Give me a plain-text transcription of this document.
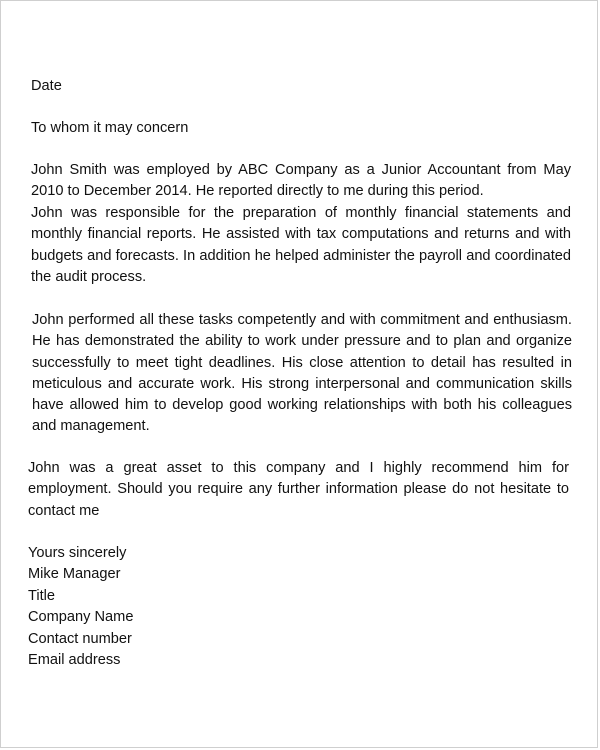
Date
To whom it may concern

John Smith was employed by ABC Company as a Junior Accountant from May 2010 to December 2014. He reported directly to me during this period.

John was responsible for the preparation of monthly financial statements and monthly financial reports. He assisted with tax computations and returns and with budgets and forecasts. In addition he helped administer the payroll and coordinated the audit process.

John performed all these tasks competently and with commitment and enthusiasm. He has demonstrated the ability to work under pressure and to plan and organize successfully to meet tight deadlines. His close attention to detail has resulted in meticulous and accurate work. His strong interpersonal and communication skills have allowed him to develop good working relationships with both his colleagues and management.

John was a great asset to this company and I highly recommend him for employment. Should you require any further information please do not hesitate to contact me

Yours sincerely
Mike Manager
Title
Company Name
Contact number
Email address
